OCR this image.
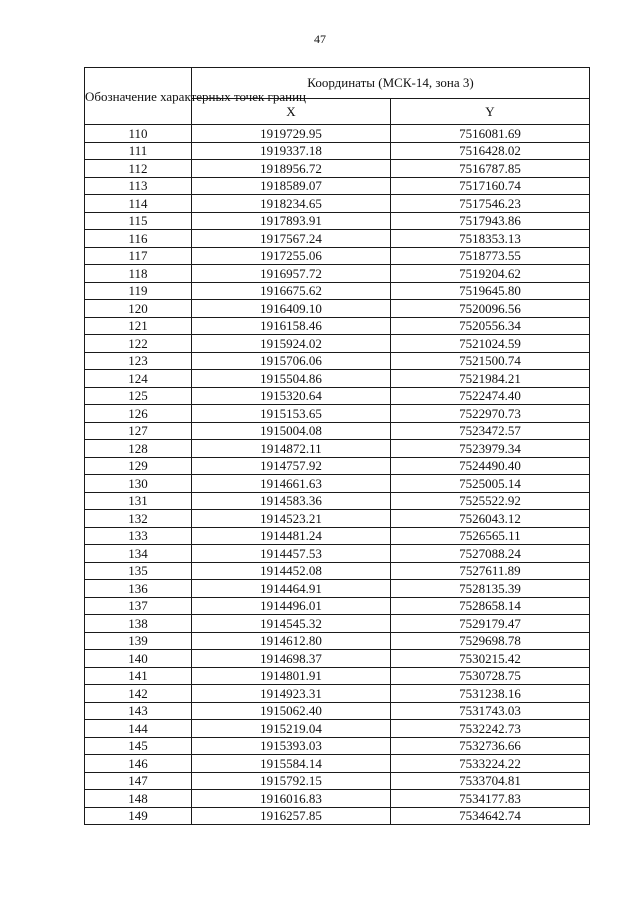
47
Обозначение характерных точек границ	Координаты (МСК-14, зона 3)	
	X	Y
110	1919729.95	7516081.69
111	1919337.18	7516428.02
112	1918956.72	7516787.85
113	1918589.07	7517160.74
114	1918234.65	7517546.23
115	1917893.91	7517943.86
116	1917567.24	7518353.13
117	1917255.06	7518773.55
118	1916957.72	7519204.62
119	1916675.62	7519645.80
120	1916409.10	7520096.56
121	1916158.46	7520556.34
122	1915924.02	7521024.59
123	1915706.06	7521500.74
124	1915504.86	7521984.21
125	1915320.64	7522474.40
126	1915153.65	7522970.73
127	1915004.08	7523472.57
128	1914872.11	7523979.34
129	1914757.92	7524490.40
130	1914661.63	7525005.14
131	1914583.36	7525522.92
132	1914523.21	7526043.12
133	1914481.24	7526565.11
134	1914457.53	7527088.24
135	1914452.08	7527611.89
136	1914464.91	7528135.39
137	1914496.01	7528658.14
138	1914545.32	7529179.47
139	1914612.80	7529698.78
140	1914698.37	7530215.42
141	1914801.91	7530728.75
142	1914923.31	7531238.16
143	1915062.40	7531743.03
144	1915219.04	7532242.73
145	1915393.03	7532736.66
146	1915584.14	7533224.22
147	1915792.15	7533704.81
148	1916016.83	7534177.83
149	1916257.85	7534642.74
